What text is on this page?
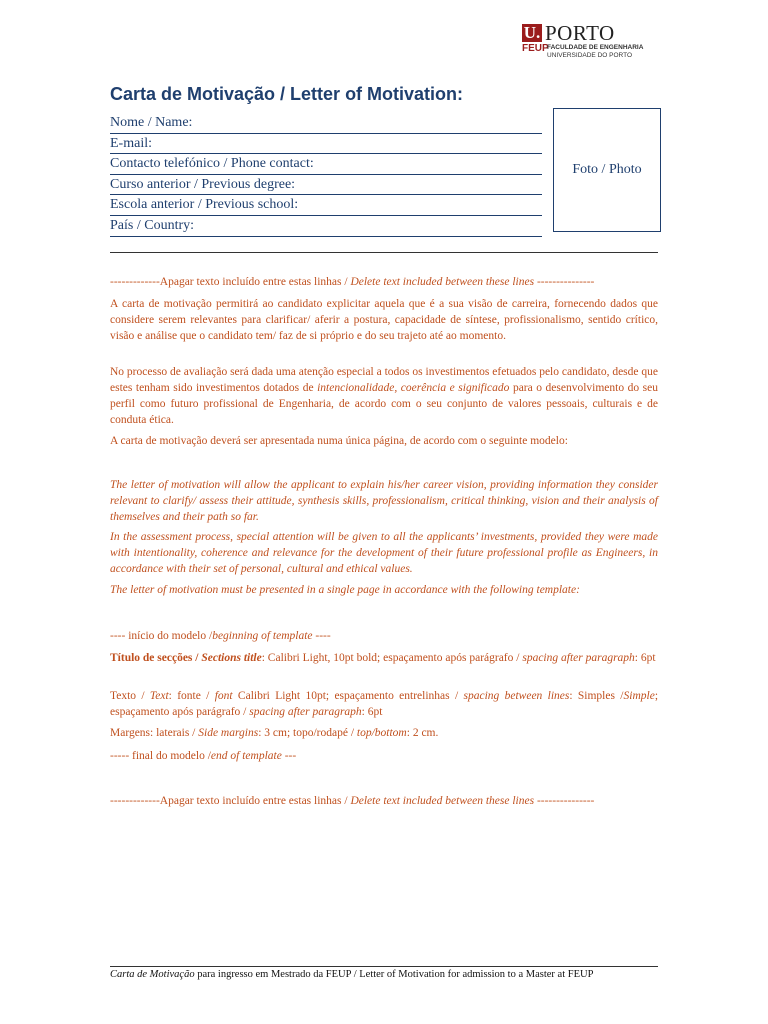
U. PORTO
FEUP
FACULDADE DE ENGENHARIA
UNIVERSIDADE DO PORTO
Carta de Motivação / Letter of Motivation:
Nome / Name:
E-mail:
Contacto telefónico / Phone contact:
Curso anterior / Previous degree:
Escola anterior / Previous school:
País / Country:
Foto / Photo
-------------Apagar texto incluído entre estas linhas / Delete text included between these lines ---------------
A carta de motivação permitirá ao candidato explicitar aquela que é a sua visão de carreira, fornecendo dados que considere serem relevantes para clarificar/ aferir a postura, capacidade de síntese, profissionalismo, sentido crítico, visão e análise que o candidato tem/ faz de si próprio e do seu trajeto até ao momento.
No processo de avaliação será dada uma atenção especial a todos os investimentos efetuados pelo candidato, desde que estes tenham sido investimentos dotados de intencionalidade, coerência e significado para o desenvolvimento do seu perfil como futuro profissional de Engenharia, de acordo com o seu conjunto de valores pessoais, culturais e de conduta ética.
A carta de motivação deverá ser apresentada numa única página, de acordo com o seguinte modelo:
The letter of motivation will allow the applicant to explain his/her career vision, providing information they consider relevant to clarify/ assess their attitude, synthesis skills, professionalism, critical thinking, vision and their analysis of themselves and their path so far.
In the assessment process, special attention will be given to all the applicants’ investments, provided they were made with intentionality, coherence and relevance for the development of their future professional profile as Engineers, in accordance with their set of personal, cultural and ethical values.
The letter of motivation must be presented in a single page in accordance with the following template:
---- início do modelo /beginning of template ----
Título de secções / Sections title: Calibri Light, 10pt bold; espaçamento após parágrafo / spacing after paragraph: 6pt
Texto / Text: fonte / font Calibri Light 10pt; espaçamento entrelinhas / spacing between lines: Simples /Simple; espaçamento após parágrafo / spacing after paragraph: 6pt
Margens: laterais / Side margins: 3 cm; topo/rodapé / top/bottom: 2 cm.
----- final do modelo /end of template ---
-------------Apagar texto incluído entre estas linhas / Delete text included between these lines ---------------
Carta de Motivação para ingresso em Mestrado da FEUP / Letter of Motivation for admission to a Master at FEUP
